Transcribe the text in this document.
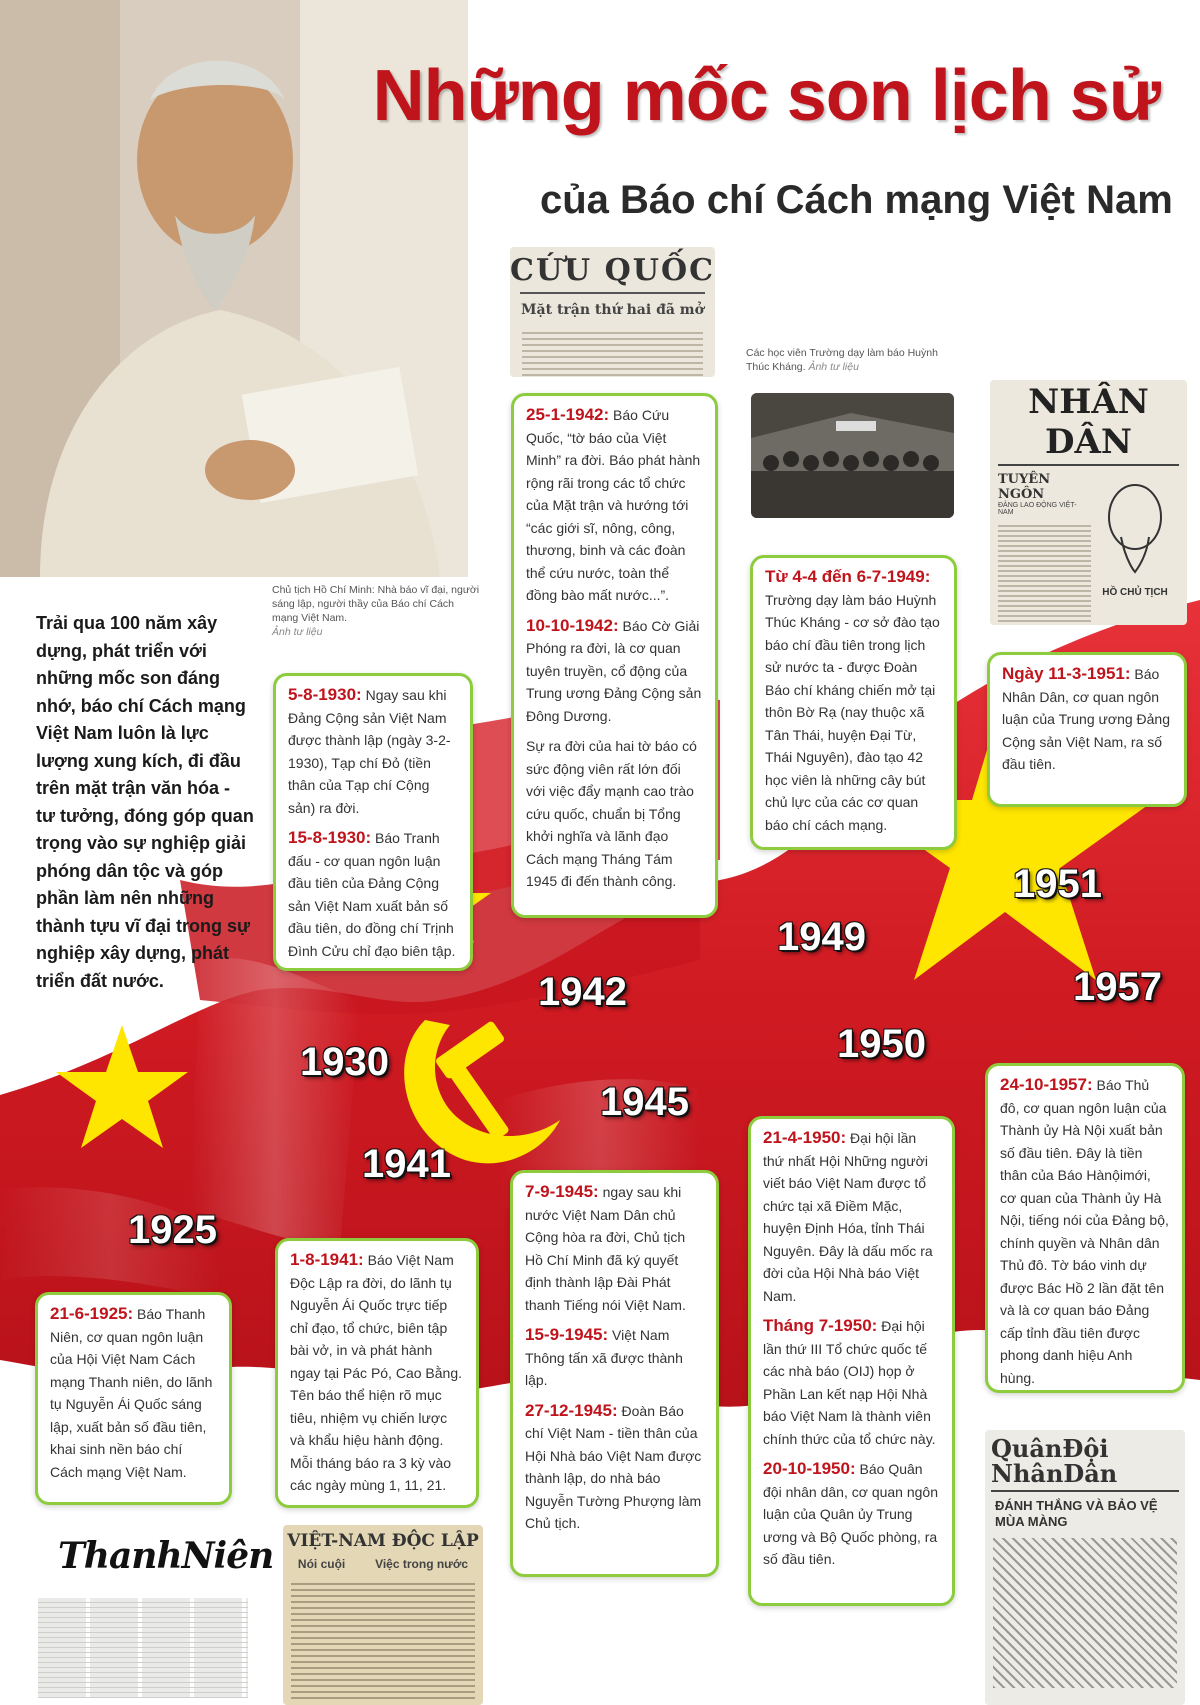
Chủ tịch Hồ Chí Minh: Nhà báo vĩ đại, người sáng lập, người thầy của Báo chí Cách mạng Việt Nam.
Ảnh tư liệu
Những mốc son lịch sử
của Báo chí Cách mạng Việt Nam
Trải qua 100 năm xây dựng, phát triển với những mốc son đáng nhớ, báo chí Cách mạng Việt Nam luôn là lực lượng xung kích, đi đầu trên mặt trận văn hóa - tư tưởng, đóng góp quan trọng vào sự nghiệp giải phóng dân tộc và góp phần làm nên những thành tựu vĩ đại trong sự nghiệp xây dựng, phát triển đất nước.
CỨU QUỐC
Mặt trận thứ hai đã mở
Các học viên Trường dạy làm báo Huỳnh Thúc Kháng. Ảnh tư liệu
NHÂN DÂN
TUYÊN NGÔN
ĐẢNG LAO ĐỘNG VIỆT-NAM
HỒ CHỦ TỊCH
VIỆT-NAM ĐỘC LẬP
Nói cuội Việc trong nước
QuânĐội
NhânDân
ĐÁNH THẮNG VÀ BẢO VỆ MÙA MÀNG
ThanhNiên

21-6-1925: Báo Thanh Niên, cơ quan ngôn luận của Hội Việt Nam Cách mạng Thanh niên, do lãnh tụ Nguyễn Ái Quốc sáng lập, xuất bản số đầu tiên, khai sinh nền báo chí Cách mạng Việt Nam.

5-8-1930: Ngay sau khi Đảng Cộng sản Việt Nam được thành lập (ngày 3-2-1930), Tạp chí Đỏ (tiền thân của Tạp chí Cộng sản) ra đời.

15-8-1930: Báo Tranh đấu - cơ quan ngôn luận đầu tiên của Đảng Cộng sản Việt Nam xuất bản số đầu tiên, do đồng chí Trịnh Đình Cửu chỉ đạo biên tập.

1-8-1941: Báo Việt Nam Độc Lập ra đời, do lãnh tụ Nguyễn Ái Quốc trực tiếp chỉ đạo, tổ chức, biên tập bài vở, in và phát hành ngay tại Pác Pó, Cao Bằng. Tên báo thể hiện rõ mục tiêu, nhiệm vụ chiến lược và khẩu hiệu hành động. Mỗi tháng báo ra 3 kỳ vào các ngày mùng 1, 11, 21.

25-1-1942: Báo Cứu Quốc, “tờ báo của Việt Minh” ra đời. Báo phát hành rộng rãi trong các tổ chức của Mặt trận và hướng tới “các giới sĩ, nông, công, thương, binh và các đoàn thể cứu nước, toàn thể đồng bào mất nước...”.

10-10-1942: Báo Cờ Giải Phóng ra đời, là cơ quan tuyên truyền, cổ động của Trung ương Đảng Cộng sản Đông Dương.

Sự ra đời của hai tờ báo có sức động viên rất lớn đối với việc đẩy mạnh cao trào cứu quốc, chuẩn bị Tổng khởi nghĩa và lãnh đạo Cách mạng Tháng Tám 1945 đi đến thành công.

7-9-1945: ngay sau khi nước Việt Nam Dân chủ Cộng hòa ra đời, Chủ tịch Hồ Chí Minh đã ký quyết định thành lập Đài Phát thanh Tiếng nói Việt Nam.

15-9-1945: Việt Nam Thông tấn xã được thành lập.

27-12-1945: Đoàn Báo chí Việt Nam - tiền thân của Hội Nhà báo Việt Nam được thành lập, do nhà báo Nguyễn Tường Phượng làm Chủ tịch.

Từ 4-4 đến 6-7-1949: Trường dạy làm báo Huỳnh Thúc Kháng - cơ sở đào tạo báo chí đầu tiên trong lịch sử nước ta - được Đoàn Báo chí kháng chiến mở tại thôn Bờ Rạ (nay thuộc xã Tân Thái, huyện Đại Từ, Thái Nguyên), đào tạo 42 học viên là những cây bút chủ lực của các cơ quan báo chí cách mạng.

21-4-1950: Đại hội lần thứ nhất Hội Những người viết báo Việt Nam được tổ chức tại xã Điềm Mặc, huyện Định Hóa, tỉnh Thái Nguyên. Đây là dấu mốc ra đời của Hội Nhà báo Việt Nam.

Tháng 7-1950: Đại hội lần thứ III Tổ chức quốc tế các nhà báo (OIJ) họp ở Phần Lan kết nạp Hội Nhà báo Việt Nam là thành viên chính thức của tổ chức này.

20-10-1950: Báo Quân đội nhân dân, cơ quan ngôn luận của Quân ủy Trung ương và Bộ Quốc phòng, ra số đầu tiên.

Ngày 11-3-1951: Báo Nhân Dân, cơ quan ngôn luận của Trung ương Đảng Cộng sản Việt Nam, ra số đầu tiên.

24-10-1957: Báo Thủ đô, cơ quan ngôn luận của Thành ủy Hà Nội xuất bản số đầu tiên. Đây là tiền thân của Báo Hànộimới, cơ quan của Thành ủy Hà Nội, tiếng nói của Đảng bộ, chính quyền và Nhân dân Thủ đô. Tờ báo vinh dự được Bác Hồ 2 lần đặt tên và là cơ quan báo Đảng cấp tỉnh đầu tiên được phong danh hiệu Anh hùng.

1925
1930
1941
1942
1945
1949
1950
1951
1957
